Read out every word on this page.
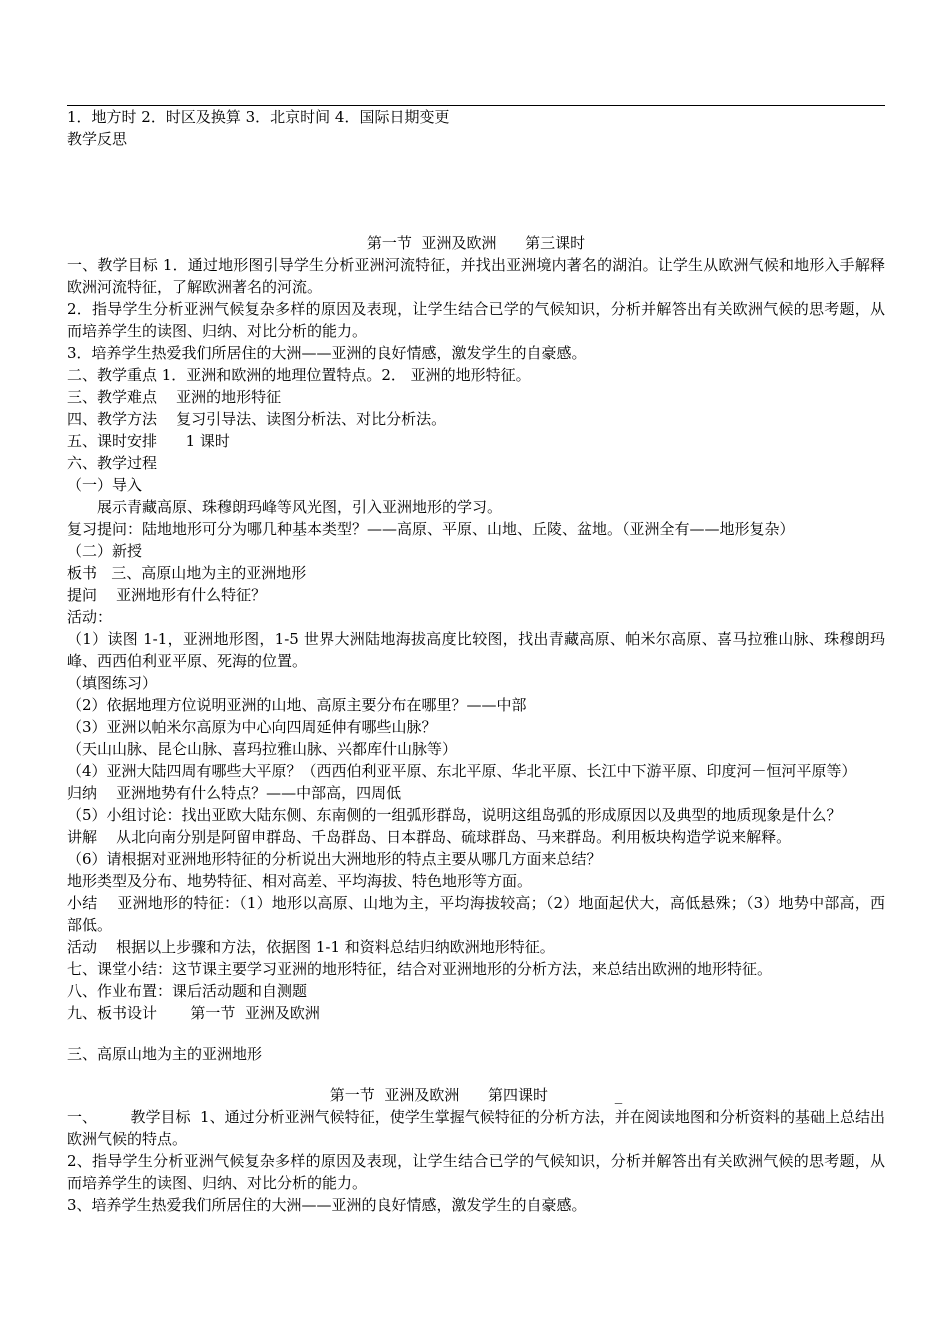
1．地方时 2．时区及换算 3．北京时间 4．国际日期变更

教学反思

第一节  亚洲及欧洲      第三课时

一、教学目标 1．通过地形图引导学生分析亚洲河流特征，并找出亚洲境内著名的湖泊。让学生从欧洲气候和地形入手解释欧洲河流特征，了解欧洲著名的河流。

2．指导学生分析亚洲气候复杂多样的原因及表现，让学生结合已学的气候知识，分析并解答出有关欧洲气候的思考题，从而培养学生的读图、归纳、对比分析的能力。

3．培养学生热爱我们所居住的大洲——亚洲的良好情感，激发学生的自豪感。

二、教学重点 1．亚洲和欧洲的地理位置特点。2． 亚洲的地形特征。

三、教学难点    亚洲的地形特征

四、教学方法    复习引导法、读图分析法、对比分析法。

五、课时安排      1 课时

六、教学过程

（一）导入

展示青藏高原、珠穆朗玛峰等风光图，引入亚洲地形的学习。

复习提问：陆地地形可分为哪几种基本类型？——高原、平原、山地、丘陵、盆地。（亚洲全有——地形复杂）

（二）新授

板书   三、高原山地为主的亚洲地形

提问    亚洲地形有什么特征？

活动：

（1）读图 1-1，亚洲地形图，1-5 世界大洲陆地海拔高度比较图，找出青藏高原、帕米尔高原、喜马拉雅山脉、珠穆朗玛峰、西西伯利亚平原、死海的位置。

（填图练习）

（2）依据地理方位说明亚洲的山地、高原主要分布在哪里？——中部

（3）亚洲以帕米尔高原为中心向四周延伸有哪些山脉？

（天山山脉、昆仑山脉、喜玛拉雅山脉、兴都库什山脉等）

（4）亚洲大陆四周有哪些大平原？（西西伯利亚平原、东北平原、华北平原、长江中下游平原、印度河－恒河平原等）

归纳    亚洲地势有什么特点？——中部高，四周低

（5）小组讨论：找出亚欧大陆东侧、东南侧的一组弧形群岛，说明这组岛弧的形成原因以及典型的地质现象是什么？

讲解    从北向南分别是阿留申群岛、千岛群岛、日本群岛、硫球群岛、马来群岛。利用板块构造学说来解释。

（6）请根据对亚洲地形特征的分析说出大洲地形的特点主要从哪几方面来总结？

地形类型及分布、地势特征、相对高差、平均海拔、特色地形等方面。

小结    亚洲地形的特征：（1）地形以高原、山地为主，平均海拔较高；（2）地面起伏大，高低悬殊；（3）地势中部高，西部低。

活动    根据以上步骤和方法，依据图 1-1 和资料总结归纳欧洲地形特征。

七、课堂小结：这节课主要学习亚洲的地形特征，结合对亚洲地形的分析方法，来总结出欧洲的地形特征。

八、作业布置：课后活动题和自测题

九、板书设计       第一节  亚洲及欧洲

三、高原山地为主的亚洲地形

第一节  亚洲及欧洲      第四课时              _

一、       教学目标  1、通过分析亚洲气候特征，使学生掌握气候特征的分析方法，并在阅读地图和分析资料的基础上总结出欧洲气候的特点。

2、指导学生分析亚洲气候复杂多样的原因及表现，让学生结合已学的气候知识，分析并解答出有关欧洲气候的思考题，从而培养学生的读图、归纳、对比分析的能力。

3、培养学生热爱我们所居住的大洲——亚洲的良好情感，激发学生的自豪感。
